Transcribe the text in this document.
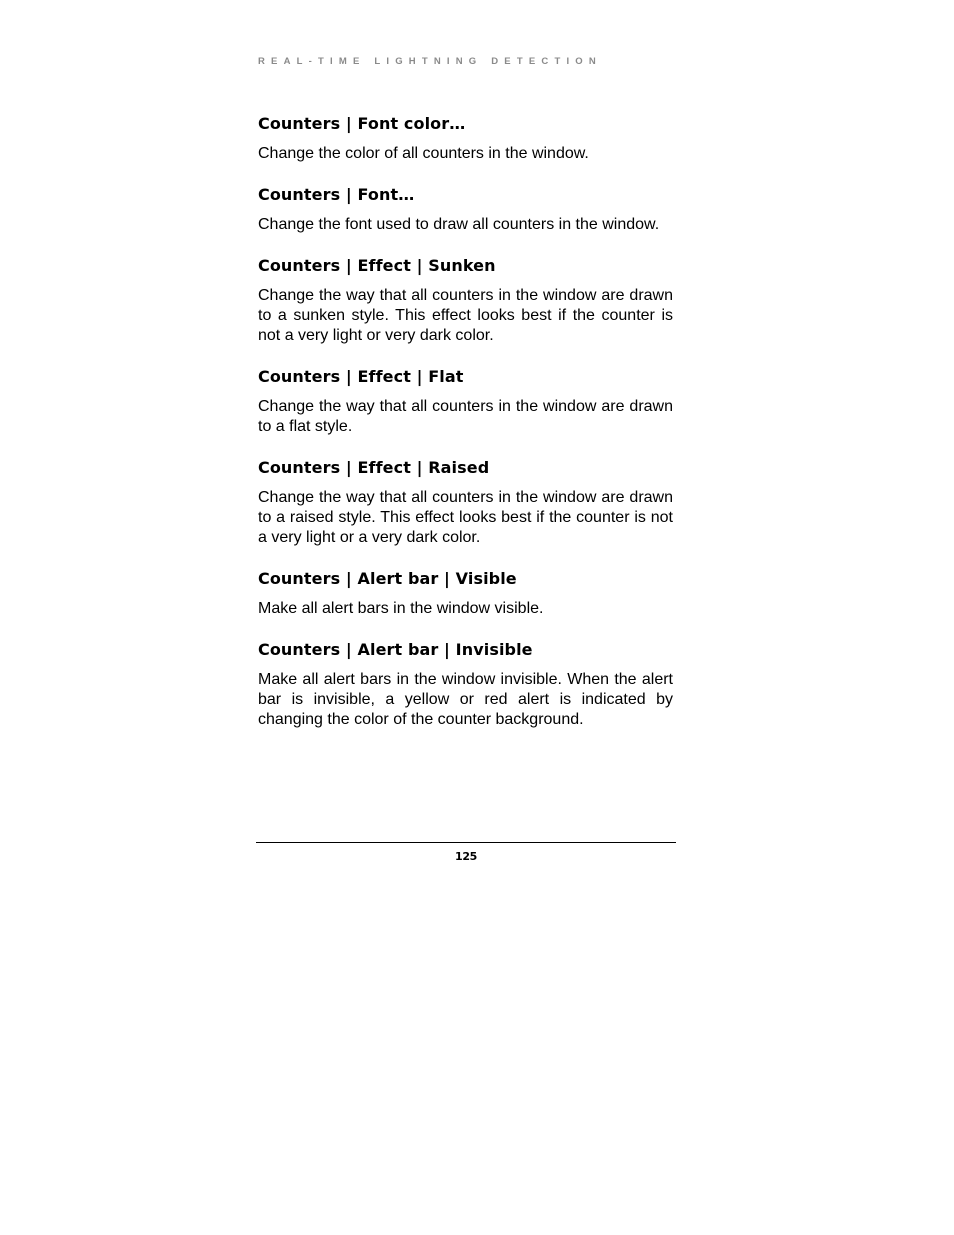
REAL-TIME LIGHTNING DETECTION
Counters | Font color…
Change the color of all counters in the window.
Counters | Font…
Change the font used to draw all counters in the window.
Counters | Effect | Sunken
Change the way that all counters in the window are drawn to a sunken style. This effect looks best if the counter is not a very light or very dark color.
Counters | Effect | Flat
Change the way that all counters in the window are drawn to a flat style.
Counters | Effect | Raised
Change the way that all counters in the window are drawn to a raised style. This effect looks best if the counter is not a very light or a very dark color.
Counters | Alert bar | Visible
Make all alert bars in the window visible.
Counters | Alert bar | Invisible
Make all alert bars in the window invisible. When the alert bar is invisible, a yellow or red alert is indicated by changing the color of the counter background.
125
